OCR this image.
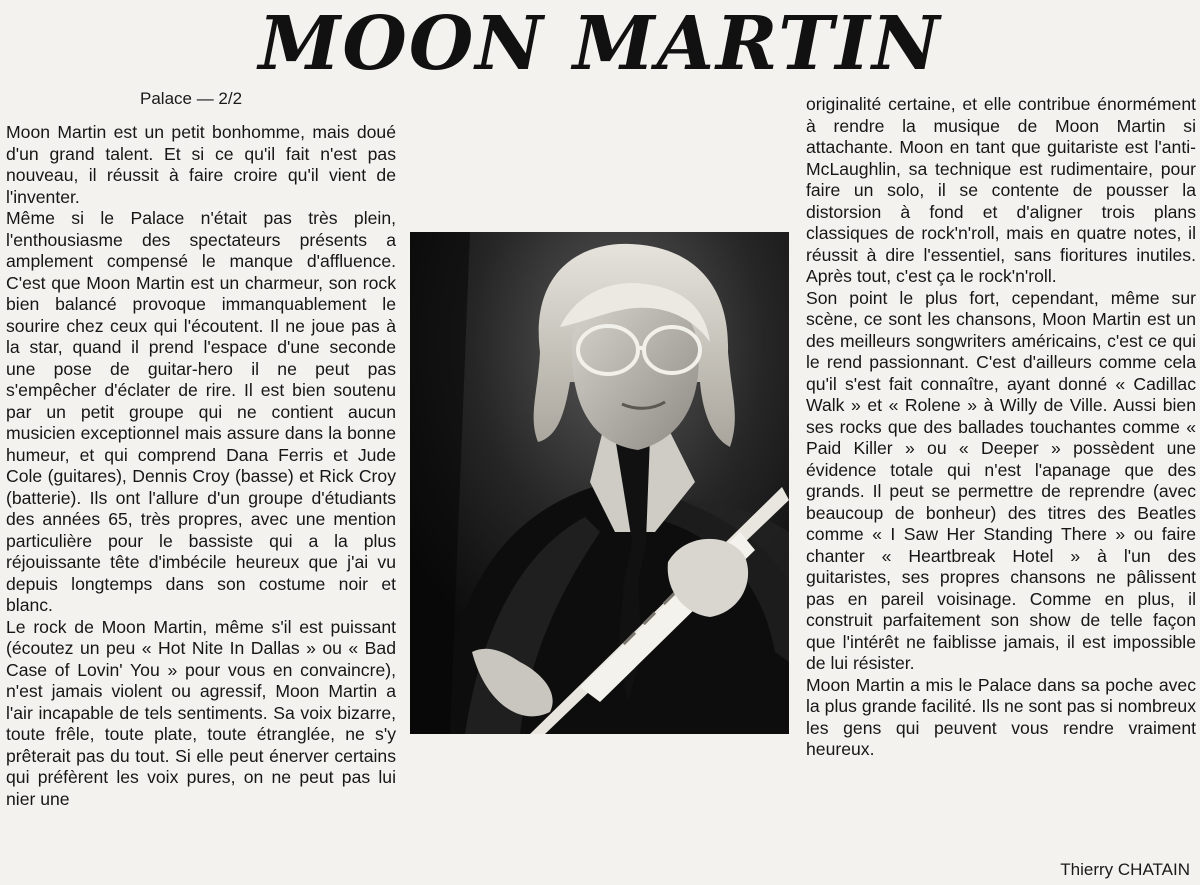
MOON MARTIN
Palace — 2/2

Moon Martin est un petit bonhomme, mais doué d'un grand talent. Et si ce qu'il fait n'est pas nouveau, il réussit à faire croire qu'il vient de l'inventer.

Même si le Palace n'était pas très plein, l'enthousiasme des spectateurs présents a amplement compensé le manque d'affluence. C'est que Moon Martin est un charmeur, son rock bien balancé provoque immanquablement le sourire chez ceux qui l'écoutent. Il ne joue pas à la star, quand il prend l'espace d'une seconde une pose de guitar-hero il ne peut pas s'empêcher d'éclater de rire. Il est bien soutenu par un petit groupe qui ne contient aucun musicien exceptionnel mais assure dans la bonne humeur, et qui comprend Dana Ferris et Jude Cole (guitares), Dennis Croy (basse) et Rick Croy (batterie). Ils ont l'allure d'un groupe d'étudiants des années 65, très propres, avec une mention particulière pour le bassiste qui a la plus réjouissante tête d'imbécile heureux que j'ai vu depuis longtemps dans son costume noir et blanc.

Le rock de Moon Martin, même s'il est puissant (écoutez un peu « Hot Nite In Dallas » ou « Bad Case of Lovin' You » pour vous en convaincre), n'est jamais violent ou agressif, Moon Martin a l'air incapable de tels sentiments. Sa voix bizarre, toute frêle, toute plate, toute étranglée, ne s'y prêterait pas du tout. Si elle peut énerver certains qui préfèrent les voix pures, on ne peut pas lui nier une

originalité certaine, et elle contribue énormément à rendre la musique de Moon Martin si attachante. Moon en tant que guitariste est l'anti-McLaughlin, sa technique est rudimentaire, pour faire un solo, il se contente de pousser la distorsion à fond et d'aligner trois plans classiques de rock'n'roll, mais en quatre notes, il réussit à dire l'essentiel, sans fioritures inutiles. Après tout, c'est ça le rock'n'roll.

Son point le plus fort, cependant, même sur scène, ce sont les chansons, Moon Martin est un des meilleurs songwriters américains, c'est ce qui le rend passionnant. C'est d'ailleurs comme cela qu'il s'est fait connaître, ayant donné « Cadillac Walk » et « Rolene » à Willy de Ville. Aussi bien ses rocks que des ballades touchantes comme « Paid Killer » ou « Deeper » possèdent une évidence totale qui n'est l'apanage que des grands. Il peut se permettre de reprendre (avec beaucoup de bonheur) des titres des Beatles comme « I Saw Her Standing There » ou faire chanter « Heartbreak Hotel » à l'un des guitaristes, ses propres chansons ne pâlissent pas en pareil voisinage. Comme en plus, il construit parfaitement son show de telle façon que l'intérêt ne faiblisse jamais, il est impossible de lui résister.

Moon Martin a mis le Palace dans sa poche avec la plus grande facilité. Ils ne sont pas si nombreux les gens qui peuvent vous rendre vraiment heureux.

Thierry CHATAIN
